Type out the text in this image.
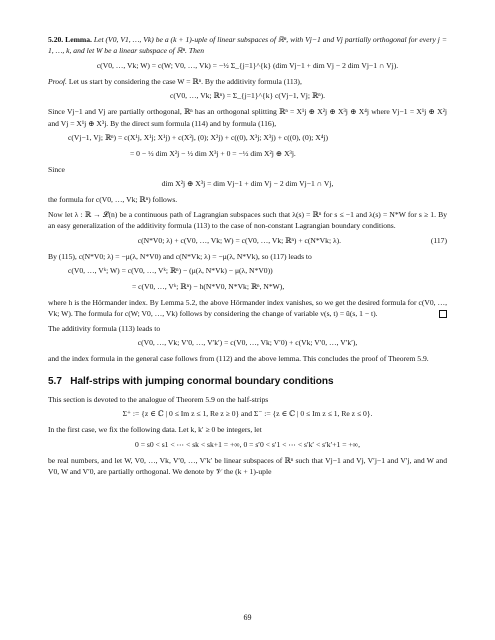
5.20. Lemma. Let (V0, V1, …, Vk) be a (k + 1)-uple of linear subspaces of ℝⁿ, with Vj−1 and Vj partially orthogonal for every j = 1, …, k, and let W be a linear subspace of ℝⁿ. Then

c(V0, …, Vk; W) = c(W; V0, …, Vk) = −½ Σ_{j=1}^{k} (dim Vj−1 + dim Vj − 2 dim Vj−1 ∩ Vj).

Proof. Let us start by considering the case W = ℝⁿ. By the additivity formula (113),

c(V0, …, Vk; ℝⁿ) = Σ_{j=1}^{k} c(Vj−1, Vj; ℝⁿ).

Since Vj−1 and Vj are partially orthogonal, ℝⁿ has an orthogonal splitting ℝⁿ = X¹j ⊕ X²j ⊕ X³j ⊕ X⁴j where Vj−1 = X¹j ⊕ X²j and Vj = X¹j ⊕ X³j. By the direct sum formula (114) and by formula (116),

c(Vj−1, Vj; ℝⁿ) = c(X¹j, X¹j; X¹j) + c(X²j, (0); X²j) + c((0), X³j; X³j) + c((0), (0); X⁴j)
= 0 − ½ dim X²j − ½ dim X³j + 0 = −½ dim X²j ⊕ X³j.

Since

dim X²j ⊕ X³j = dim Vj−1 + dim Vj − 2 dim Vj−1 ∩ Vj,

the formula for c(V0, …, Vk; ℝⁿ) follows.

Now let λ : ℝ → 𝓛(n) be a continuous path of Lagrangian subspaces such that λ(s) = ℝⁿ for s ≤ −1 and λ(s) = N*W for s ≥ 1. By an easy generalization of the additivity formula (113) to the case of non-constant Lagrangian boundary conditions.

(117)
c(N*V0; λ) + c(V0, …, Vk; W) = c(V0, …, Vk; ℝⁿ) + c(N*Vk; λ).

By (115), c(N*V0; λ) = −μ(λ, N*V0) and c(N*Vk; λ) = −μ(λ, N*Vk), so (117) leads to

c(V0, …, Vᵏ; W) = c(V0, …, Vᵏ; ℝⁿ) − (μ(λ, N*Vk) − μ(λ, N*V0))
= c(V0, …, Vᵏ; ℝⁿ) − h(N*V0, N*Vk; ℝⁿ, N*W),

where h is the Hörmander index. By Lemma 5.2, the above Hörmander index vanishes, so we get the desired formula for c(V0, …, Vk; W). The formula for c(W; V0, …, Vk) follows by considering the change of variable v(s, t) = ū(s, 1 − t).

The additivity formula (113) leads to

c(V0, …, Vk; V′0, …, V′k′) = c(V0, …, Vk; V′0) + c(Vk; V′0, …, V′k′),

and the index formula in the general case follows from (112) and the above lemma. This concludes the proof of Theorem 5.9.

5.7 Half-strips with jumping conormal boundary conditions

This section is devoted to the analogue of Theorem 5.9 on the half-strips

Σ⁺ := {z ∈ ℂ | 0 ≤ Im z ≤ 1, Re z ≥ 0} and Σ⁻ := {z ∈ ℂ | 0 ≤ Im z ≤ 1, Re z ≤ 0}.

In the first case, we fix the following data. Let k, k′ ≥ 0 be integers, let

0 = s0 < s1 < ⋯ < sk < sk+1 = +∞, 0 = s′0 < s′1 < ⋯ < s′k′ < s′k′+1 = +∞,

be real numbers, and let W, V0, …, Vk, V′0, …, V′k′ be linear subspaces of ℝⁿ such that Vj−1 and Vj, V′j−1 and V′j, and W and V0, W and V′0, are partially orthogonal. We denote by 𝒱 the (k + 1)-uple

69
